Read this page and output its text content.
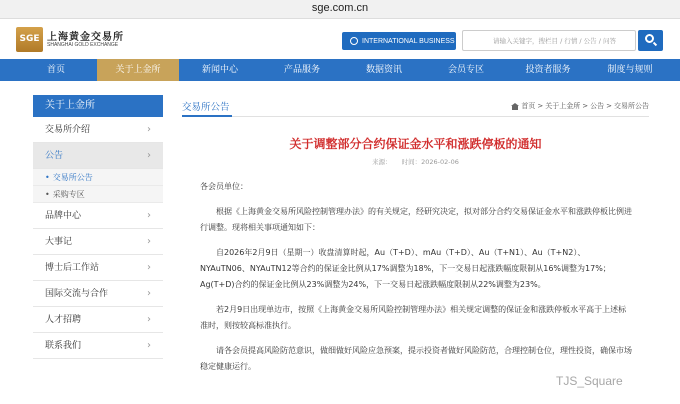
sge.com.cn
SGE 上海黄金交易所
SHANGHAI GOLD EXCHANGE
INTERNATIONAL BUSINESS	请输入关键字，搜栏目 / 行情 / 公告 / 问答
首页	关于上金所	新闻中心	产品服务	数据资讯	会员专区	投资者服务	制度与规则
关于上金所
交易所介绍	›
公告	›
• 交易所公告
• 采购专区
品牌中心	›
大事记	›
博士后工作站	›
国际交流与合作	›
人才招聘	›
联系我们	›
交易所公告	首页 > 关于上金所 > 公告 > 交易所公告
关于调整部分合约保证金水平和涨跌停板的通知
来源： 时间：2026-02-06

各会员单位：

根据《上海黄金交易所风险控制管理办法》的有关规定，经研究决定，拟对部分合约交易保证金水平和涨跌停板比例进行调整。现将相关事项通知如下：

自2026年2月9日（星期一）收盘清算时起，Au（T+D）、mAu（T+D）、Au（T+N1）、Au（T+N2）、NYAuTN06、NYAuTN12等合约的保证金比例从17%调整为18%，下一交易日起涨跌幅度限制从16%调整为17%；Ag(T+D)合约的保证金比例从23%调整为24%，下一交易日起涨跌幅度限制从22%调整为23%。

若2月9日出现单边市，按照《上海黄金交易所风险控制管理办法》相关规定调整的保证金和涨跌停板水平高于上述标准时，则按较高标准执行。

请各会员提高风险防范意识，做细做好风险应急预案，提示投资者做好风险防范，合理控制仓位，理性投资，确保市场稳定健康运行。

TJS_Square
